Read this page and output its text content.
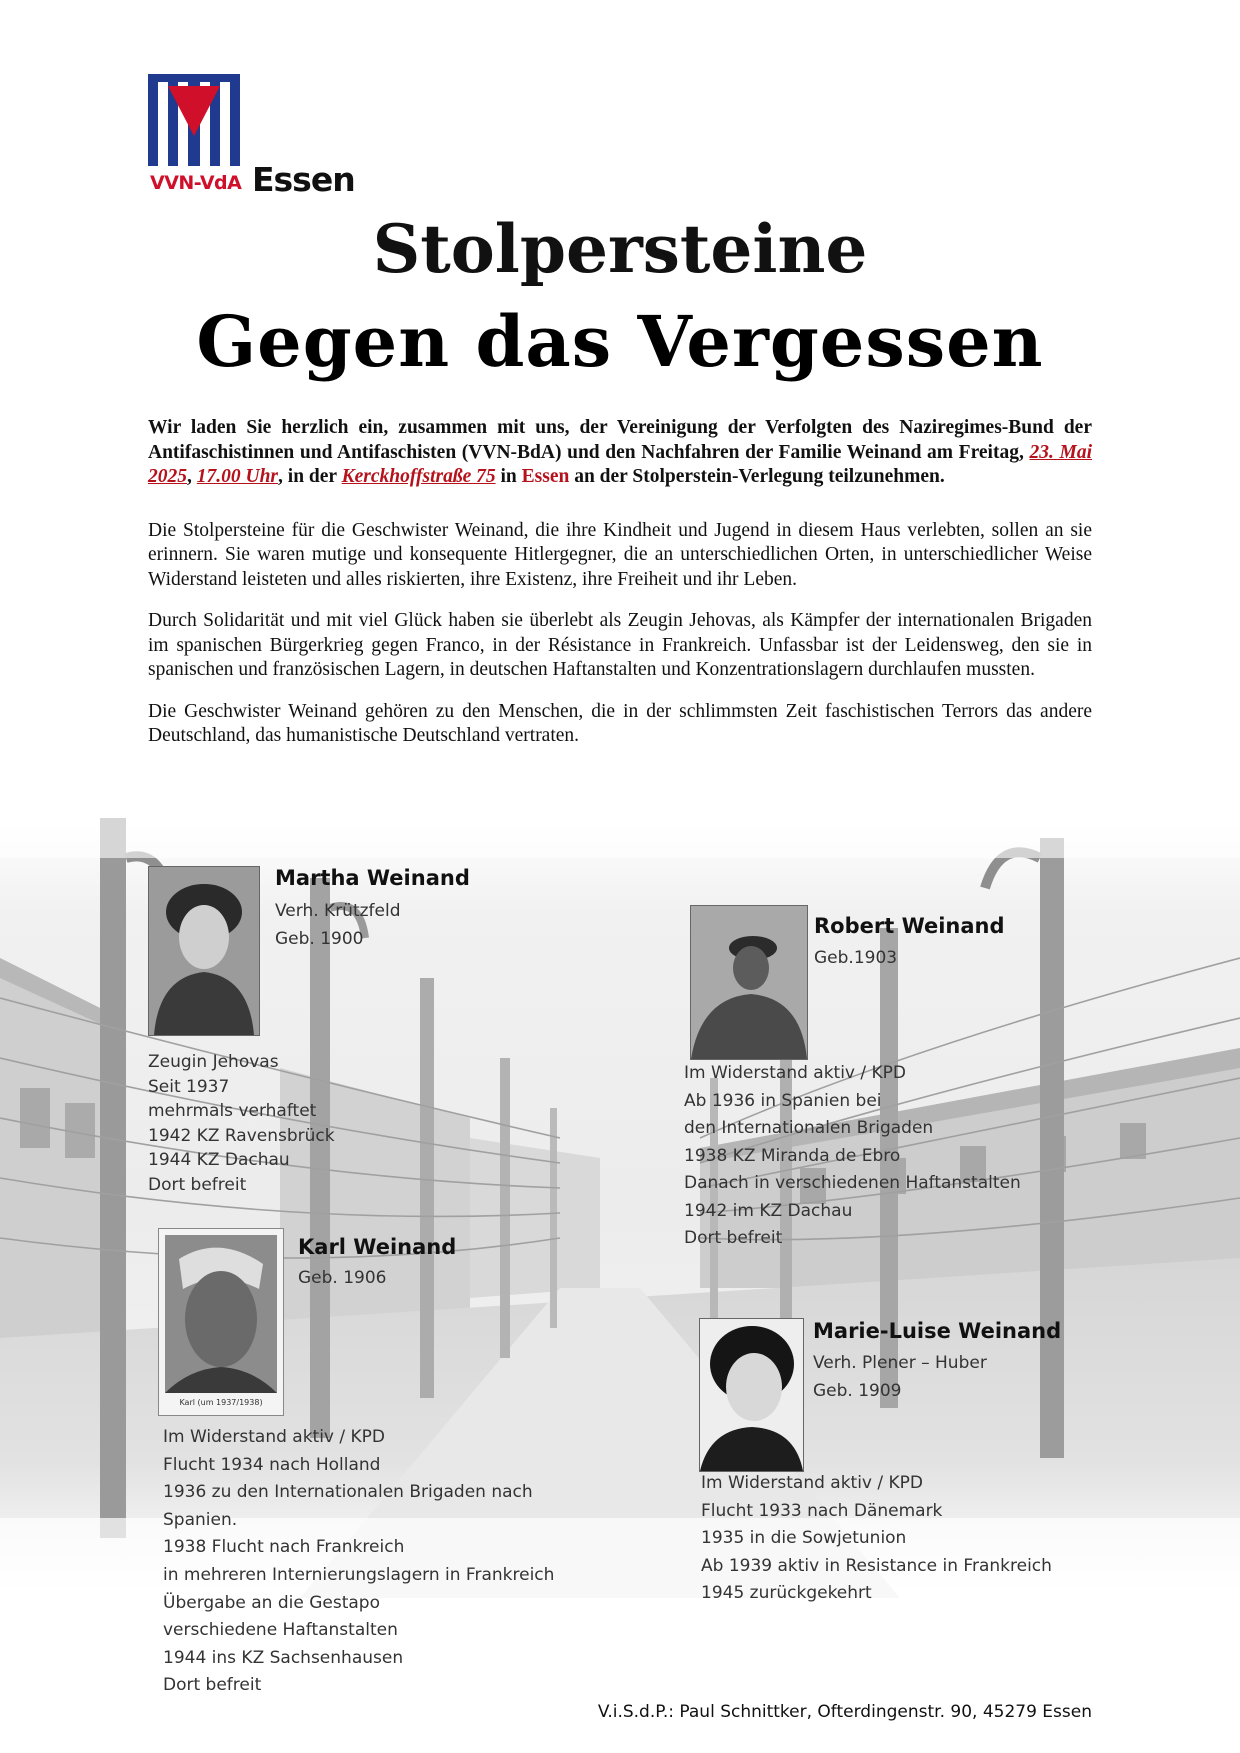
VVN-VdA Essen
Stolpersteine
Gegen das Vergessen

Wir laden Sie herzlich ein, zusammen mit uns, der Vereinigung der Verfolgten des Naziregimes-Bund der Antifaschistinnen und Antifaschisten (VVN-BdA) und den Nachfahren der Familie Weinand am Freitag, 23. Mai 2025, 17.00 Uhr, in der Kerckhoffstraße 75 in Essen an der Stolperstein-Verlegung teilzunehmen.

Die Stolpersteine für die Geschwister Weinand, die ihre Kindheit und Jugend in diesem Haus verlebten, sollen an sie erinnern. Sie waren mutige und konsequente Hitlergegner, die an unterschiedlichen Orten, in unterschiedlicher Weise Widerstand leisteten und alles riskierten, ihre Existenz, ihre Freiheit und ihr Leben.

Durch Solidarität und mit viel Glück haben sie überlebt als Zeugin Jehovas, als Kämpfer der internationalen Brigaden im spanischen Bürgerkrieg gegen Franco, in der Résistance in Frankreich. Unfassbar ist der Leidensweg, den sie in spanischen und französischen Lagern, in deutschen Haftanstalten und Konzentrationslagern durchlaufen mussten.

Die Geschwister Weinand gehören zu den Menschen, die in der schlimmsten Zeit faschistischen Terrors das andere Deutschland, das humanistische Deutschland vertraten.

Martha Weinand
Verh. Krützfeld
Geb. 1900
Zeugin Jehovas
Seit 1937
mehrmals verhaftet
1942 KZ Ravensbrück
1944 KZ Dachau
Dort befreit
Robert Weinand
Geb.1903
Im Widerstand aktiv / KPD
Ab 1936 in Spanien bei
den Internationalen Brigaden
1938 KZ Miranda de Ebro
Danach in verschiedenen Haftanstalten
1942 im KZ Dachau
Dort befreit
Karl (um 1937/1938)
Karl Weinand
Geb. 1906
Im Widerstand aktiv / KPD
Flucht 1934 nach Holland
1936 zu den Internationalen Brigaden nach
Spanien.
1938 Flucht nach Frankreich
in mehreren Internierungslagern in Frankreich
Übergabe an die Gestapo
verschiedene Haftanstalten
1944 ins KZ Sachsenhausen
Dort befreit
Marie-Luise Weinand
Verh. Plener – Huber
Geb. 1909
Im Widerstand aktiv / KPD
Flucht 1933 nach Dänemark
1935 in die Sowjetunion
Ab 1939 aktiv in Resistance in Frankreich
1945 zurückgekehrt
V.i.S.d.P.: Paul Schnittker, Ofterdingenstr. 90, 45279 Essen
